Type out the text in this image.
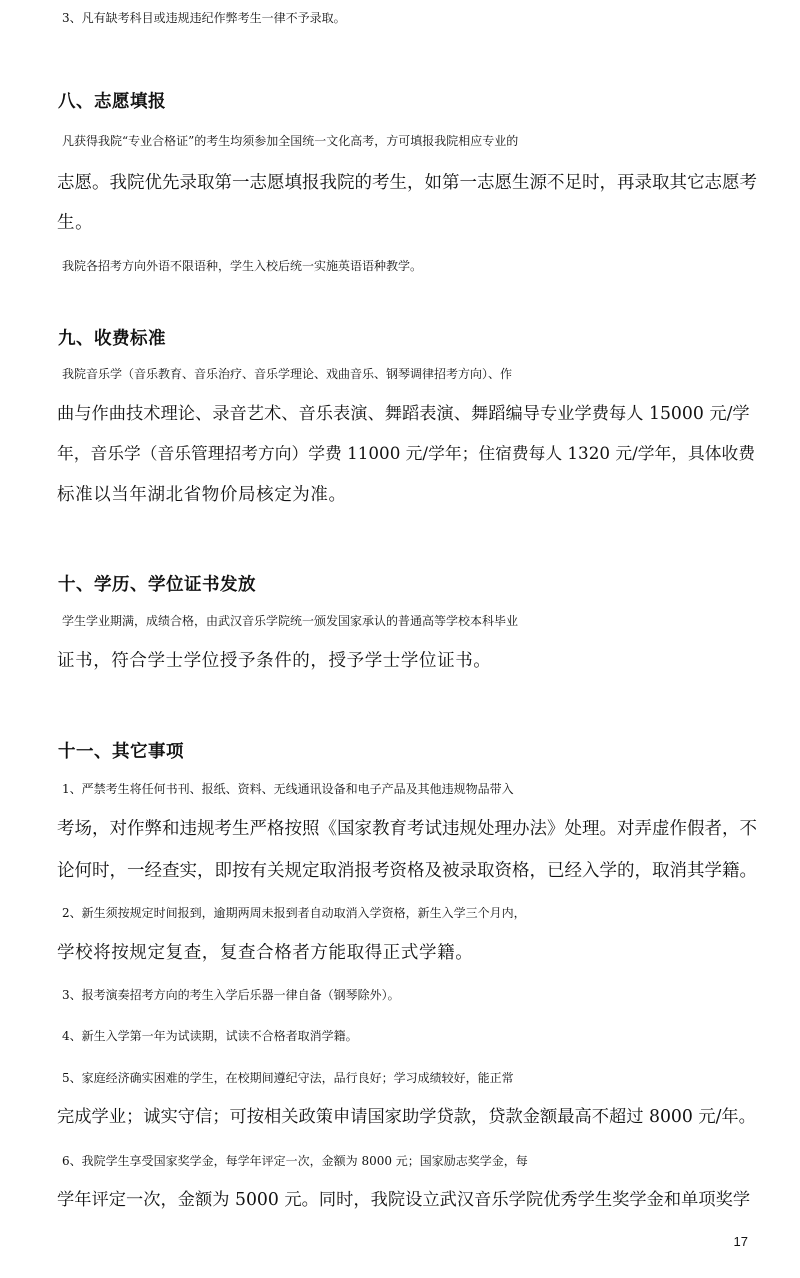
3、凡有缺考科目或违规违纪作弊考生一律不予录取。
八、志愿填报
凡获得我院“专业合格证”的考生均须参加全国统一文化高考，方可填报我院相应专业的
志愿。我院优先录取第一志愿填报我院的考生，如第一志愿生源不足时，再录取其它志愿考
生。
我院各招考方向外语不限语种，学生入校后统一实施英语语种教学。
九、收费标准
我院音乐学（音乐教育、音乐治疗、音乐学理论、戏曲音乐、钢琴调律招考方向）、作
曲与作曲技术理论、录音艺术、音乐表演、舞蹈表演、舞蹈编导专业学费每人 15000 元/学
年，音乐学（音乐管理招考方向）学费 11000 元/学年；住宿费每人 1320 元/学年，具体收费
标准以当年湖北省物价局核定为准。
十、学历、学位证书发放
学生学业期满，成绩合格，由武汉音乐学院统一颁发国家承认的普通高等学校本科毕业
证书，符合学士学位授予条件的，授予学士学位证书。
十一、其它事项
1、严禁考生将任何书刊、报纸、资料、无线通讯设备和电子产品及其他违规物品带入
考场，对作弊和违规考生严格按照《国家教育考试违规处理办法》处理。对弄虚作假者，不
论何时，一经查实，即按有关规定取消报考资格及被录取资格，已经入学的，取消其学籍。
2、新生须按规定时间报到，逾期两周未报到者自动取消入学资格，新生入学三个月内，
学校将按规定复查，复查合格者方能取得正式学籍。
3、报考演奏招考方向的考生入学后乐器一律自备（钢琴除外）。
4、新生入学第一年为试读期，试读不合格者取消学籍。
5、家庭经济确实困难的学生，在校期间遵纪守法，品行良好；学习成绩较好，能正常
完成学业；诚实守信；可按相关政策申请国家助学贷款，贷款金额最高不超过 8000 元/年。
6、我院学生享受国家奖学金，每学年评定一次，金额为 8000 元；国家励志奖学金，每
学年评定一次，金额为 5000 元。同时，我院设立武汉音乐学院优秀学生奖学金和单项奖学
17
